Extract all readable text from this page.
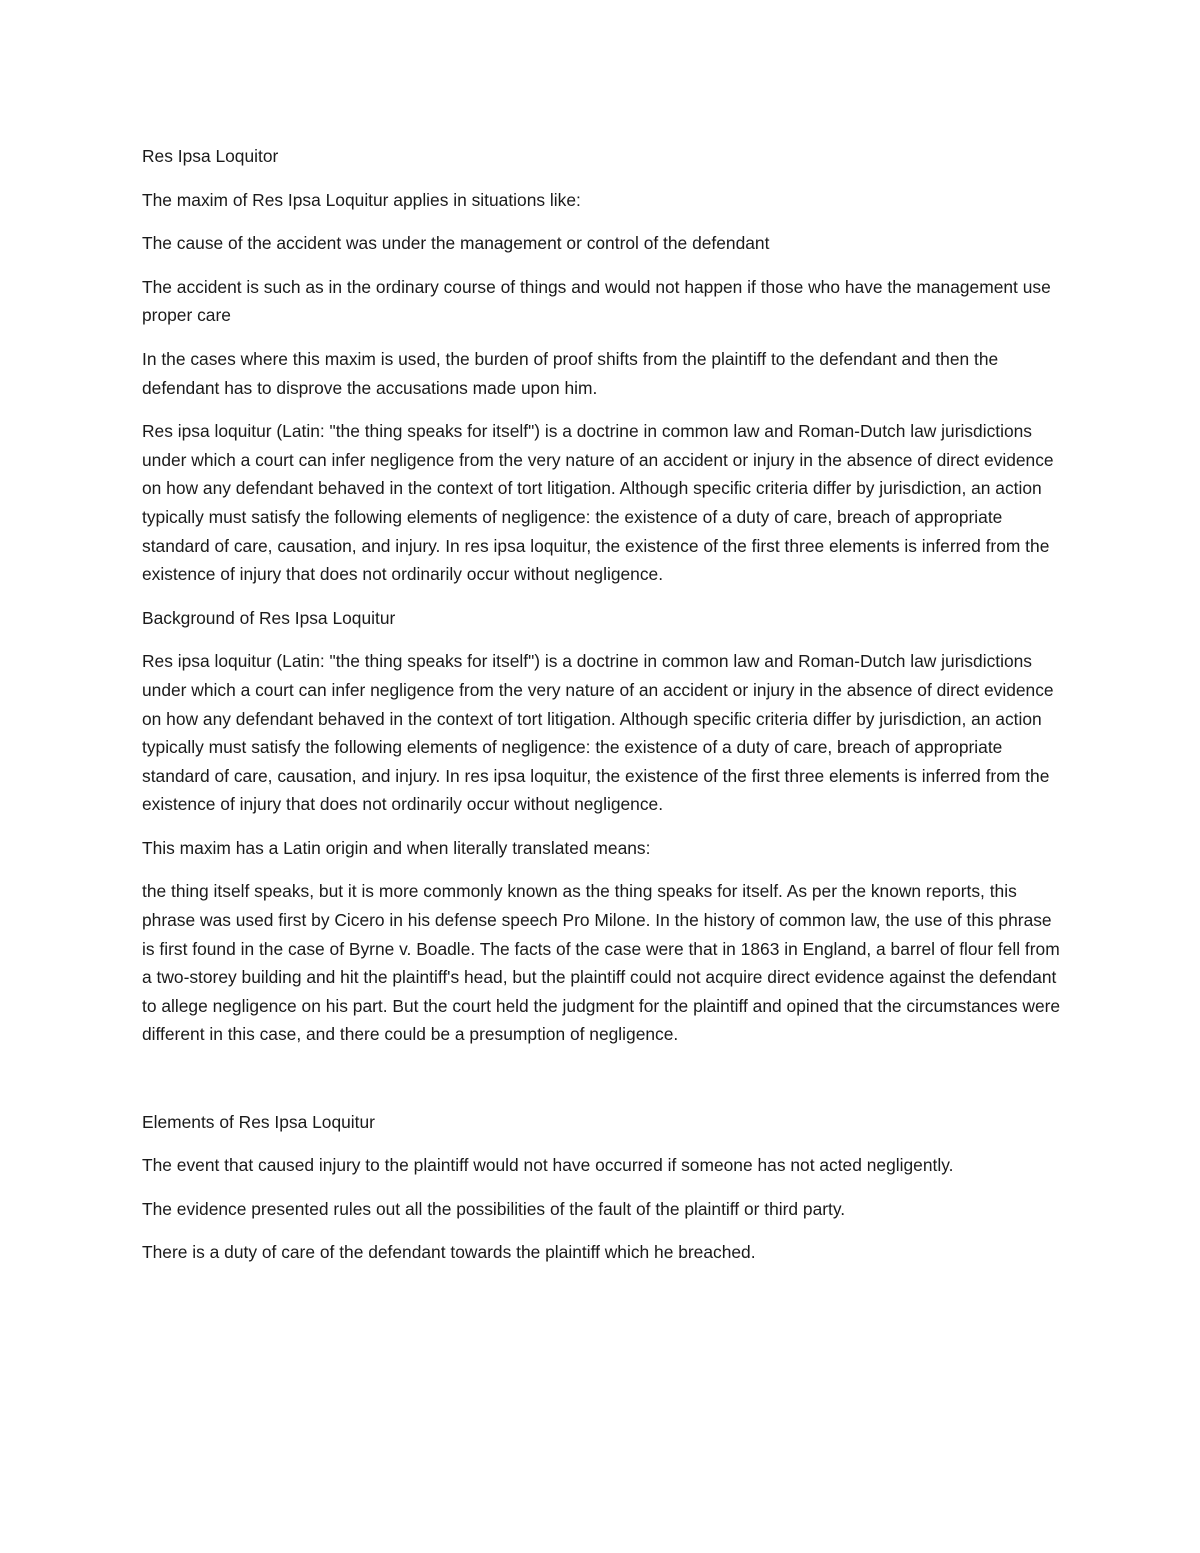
Res Ipsa Loquitor

The maxim of Res Ipsa Loquitur applies in situations like:

The cause of the accident was under the management or control of the defendant

The accident is such as in the ordinary course of things and would not happen if those who have the management use proper care

In the cases where this maxim is used, the burden of proof shifts from the plaintiff to the defendant and then the defendant has to disprove the accusations made upon him.

Res ipsa loquitur (Latin: "the thing speaks for itself") is a doctrine in common law and Roman-Dutch law jurisdictions under which a court can infer negligence from the very nature of an accident or injury in the absence of direct evidence on how any defendant behaved in the context of tort litigation. Although specific criteria differ by jurisdiction, an action typically must satisfy the following elements of negligence: the existence of a duty of care, breach of appropriate standard of care, causation, and injury. In res ipsa loquitur, the existence of the first three elements is inferred from the existence of injury that does not ordinarily occur without negligence.

Background of Res Ipsa Loquitur

Res ipsa loquitur (Latin: "the thing speaks for itself") is a doctrine in common law and Roman-Dutch law jurisdictions under which a court can infer negligence from the very nature of an accident or injury in the absence of direct evidence on how any defendant behaved in the context of tort litigation. Although specific criteria differ by jurisdiction, an action typically must satisfy the following elements of negligence: the existence of a duty of care, breach of appropriate standard of care, causation, and injury. In res ipsa loquitur, the existence of the first three elements is inferred from the existence of injury that does not ordinarily occur without negligence.

This maxim has a Latin origin and when literally translated means:

the thing itself speaks, but it is more commonly known as the thing speaks for itself. As per the known reports, this phrase was used first by Cicero in his defense speech Pro Milone. In the history of common law, the use of this phrase is first found in the case of Byrne v. Boadle. The facts of the case were that in 1863 in England, a barrel of flour fell from a two-storey building and hit the plaintiff's head, but the plaintiff could not acquire direct evidence against the defendant to allege negligence on his part. But the court held the judgment for the plaintiff and opined that the circumstances were different in this case, and there could be a presumption of negligence.

Elements of Res Ipsa Loquitur

The event that caused injury to the plaintiff would not have occurred if someone has not acted negligently.

The evidence presented rules out all the possibilities of the fault of the plaintiff or third party.

There is a duty of care of the defendant towards the plaintiff which he breached.
